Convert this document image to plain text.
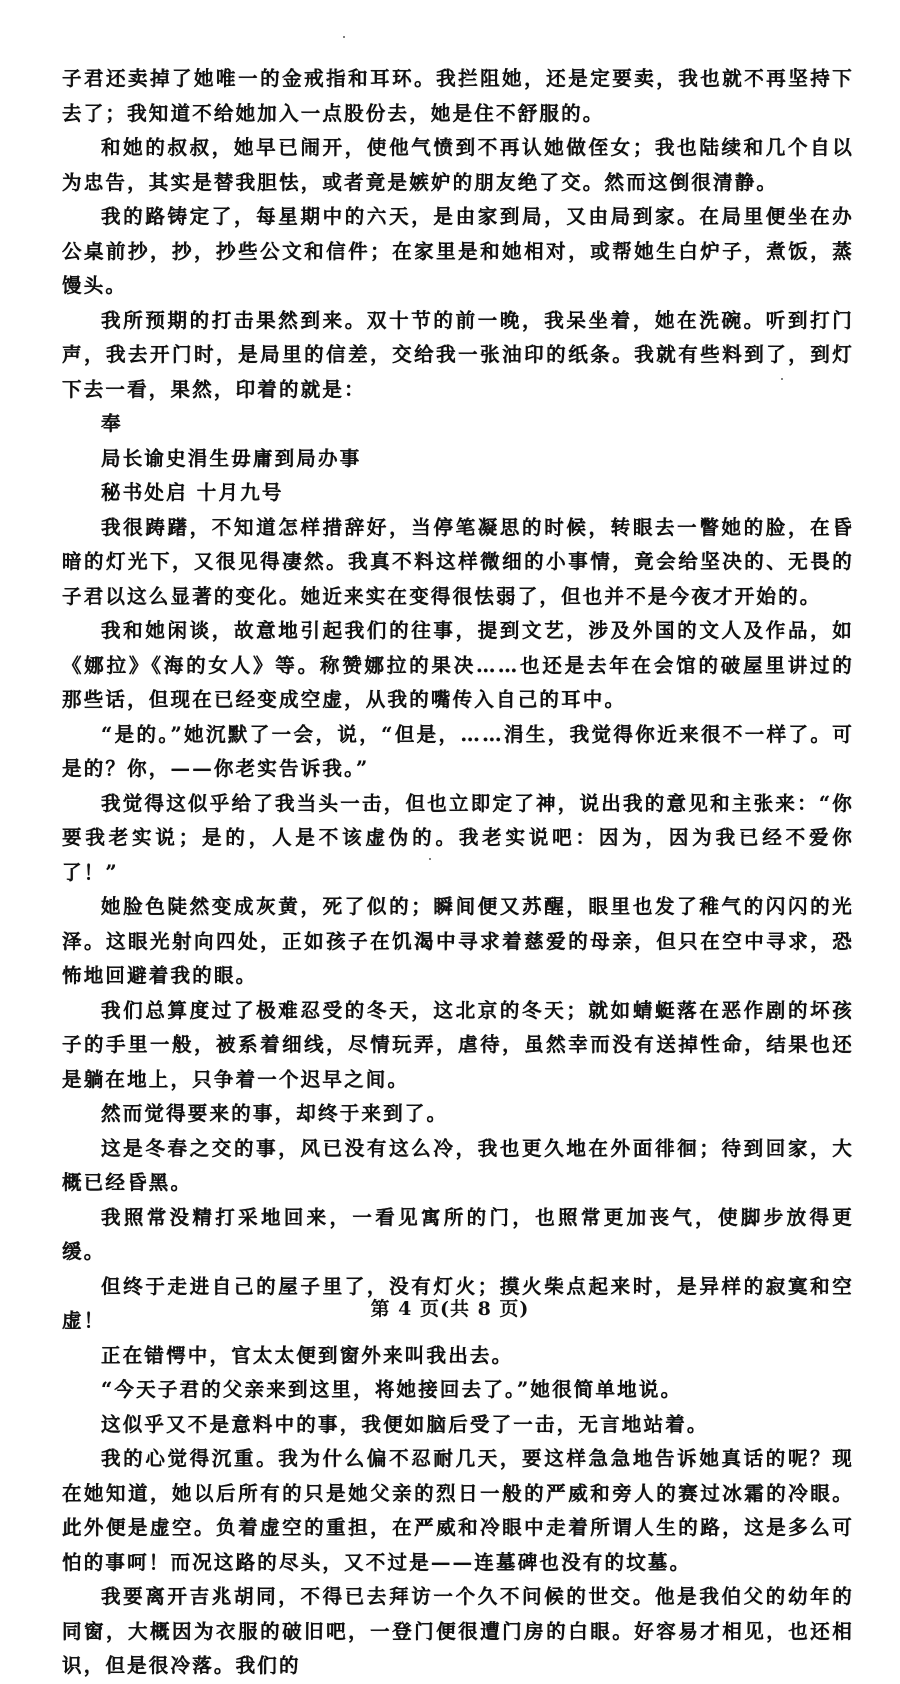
子君还卖掉了她唯一的金戒指和耳环。我拦阻她，还是定要卖，我也就不再坚持下去了；我知道不给她加入一点股份去，她是住不舒服的。

和她的叔叔，她早已闹开，使他气愤到不再认她做侄女；我也陆续和几个自以为忠告，其实是替我胆怯，或者竟是嫉妒的朋友绝了交。然而这倒很清静。

我的路铸定了，每星期中的六天，是由家到局，又由局到家。在局里便坐在办公桌前抄，抄，抄些公文和信件；在家里是和她相对，或帮她生白炉子，煮饭，蒸馒头。

我所预期的打击果然到来。双十节的前一晚，我呆坐着，她在洗碗。听到打门声，我去开门时，是局里的信差，交给我一张油印的纸条。我就有些料到了，到灯下去一看，果然，印着的就是：

奉

局长谕史涓生毋庸到局办事

秘书处启 十月九号

我很踌躇，不知道怎样措辞好，当停笔凝思的时候，转眼去一瞥她的脸，在昏暗的灯光下，又很见得凄然。我真不料这样微细的小事情，竟会给坚决的、无畏的子君以这么显著的变化。她近来实在变得很怯弱了，但也并不是今夜才开始的。

我和她闲谈，故意地引起我们的往事，提到文艺，涉及外国的文人及作品，如《娜拉》《海的女人》等。称赞娜拉的果决……也还是去年在会馆的破屋里讲过的那些话，但现在已经变成空虚，从我的嘴传入自己的耳中。

“是的。”她沉默了一会，说，“但是，……涓生，我觉得你近来很不一样了。可是的？你，——你老实告诉我。”

我觉得这似乎给了我当头一击，但也立即定了神，说出我的意见和主张来：“你要我老实说；是的，人是不该虚伪的。我老实说吧：因为，因为我已经不爱你了！”

她脸色陡然变成灰黄，死了似的；瞬间便又苏醒，眼里也发了稚气的闪闪的光泽。这眼光射向四处，正如孩子在饥渴中寻求着慈爱的母亲，但只在空中寻求，恐怖地回避着我的眼。

我们总算度过了极难忍受的冬天，这北京的冬天；就如蜻蜓落在恶作剧的坏孩子的手里一般，被系着细线，尽情玩弄，虐待，虽然幸而没有送掉性命，结果也还是躺在地上，只争着一个迟早之间。

然而觉得要来的事，却终于来到了。

这是冬春之交的事，风已没有这么冷，我也更久地在外面徘徊；待到回家，大概已经昏黑。

我照常没精打采地回来，一看见寓所的门，也照常更加丧气，使脚步放得更缓。

但终于走进自己的屋子里了，没有灯火；摸火柴点起来时，是异样的寂寞和空虚！

正在错愕中，官太太便到窗外来叫我出去。

“今天子君的父亲来到这里，将她接回去了。”她很简单地说。

这似乎又不是意料中的事，我便如脑后受了一击，无言地站着。

我的心觉得沉重。我为什么偏不忍耐几天，要这样急急地告诉她真话的呢？现在她知道，她以后所有的只是她父亲的烈日一般的严威和旁人的赛过冰霜的冷眼。此外便是虚空。负着虚空的重担，在严威和冷眼中走着所谓人生的路，这是多么可怕的事呵！而况这路的尽头，又不过是——连墓碑也没有的坟墓。

我要离开吉兆胡同，不得已去拜访一个久不问候的世交。他是我伯父的幼年的同窗，大概因为衣服的破旧吧，一登门便很遭门房的白眼。好容易才相见，也还相识，但是很冷落。我们的

第 4 页(共 8 页)
